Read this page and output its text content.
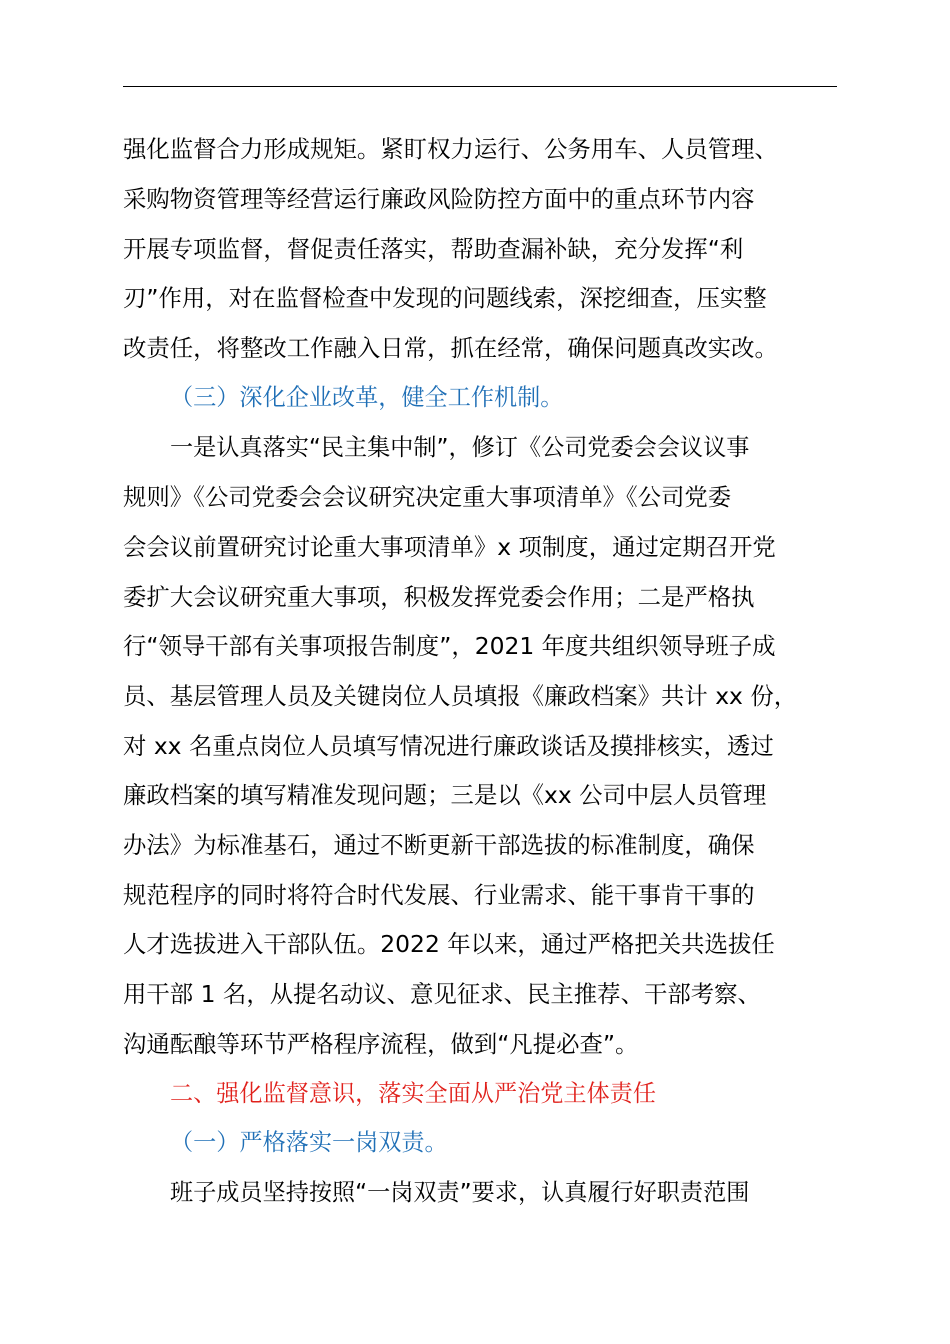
强化监督合力形成规矩。紧盯权力运行、公务用车、人员管理、
采购物资管理等经营运行廉政风险防控方面中的重点环节内容
开展专项监督，督促责任落实，帮助查漏补缺，充分发挥“利
刃”作用，对在监督检查中发现的问题线索，深挖细查，压实整
改责任，将整改工作融入日常，抓在经常，确保问题真改实改。
（三）深化企业改革，健全工作机制。
一是认真落实“民主集中制”，修订《公司党委会会议议事
规则》《公司党委会会议研究决定重大事项清单》《公司党委
会会议前置研究讨论重大事项清单》x 项制度，通过定期召开党
委扩大会议研究重大事项，积极发挥党委会作用；二是严格执
行“领导干部有关事项报告制度”，2021 年度共组织领导班子成
员、基层管理人员及关键岗位人员填报《廉政档案》共计 xx 份，
对 xx 名重点岗位人员填写情况进行廉政谈话及摸排核实，透过
廉政档案的填写精准发现问题；三是以《xx 公司中层人员管理
办法》为标准基石，通过不断更新干部选拔的标准制度，确保
规范程序的同时将符合时代发展、行业需求、能干事肯干事的
人才选拔进入干部队伍。2022 年以来，通过严格把关共选拔任
用干部 1 名，从提名动议、意见征求、民主推荐、干部考察、
沟通酝酿等环节严格程序流程，做到“凡提必查”。
二、强化监督意识，落实全面从严治党主体责任
（一）严格落实一岗双责。
班子成员坚持按照“一岗双责”要求，认真履行好职责范围
